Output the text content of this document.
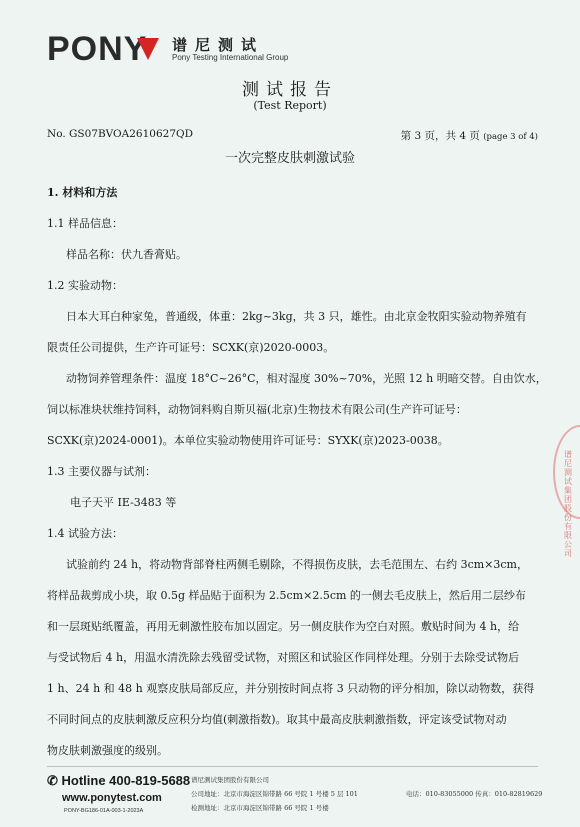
PONY 谱尼测试
Pony Testing International Group
测试报告
(Test Report)
No. GS07BVOA2610627QD	第 3 页，共 4 页 (page 3 of 4)
一次完整皮肤刺激试验
1. 材料和方法
1.1 样品信息：
样品名称：伏九香膏贴。
1.2 实验动物：
日本大耳白种家兔，普通级，体重：2kg~3kg，共 3 只，雄性。由北京金牧阳实验动物养殖有
限责任公司提供，生产许可证号：SCXK(京)2020-0003。
动物饲养管理条件：温度 18°C~26°C，相对湿度 30%~70%，光照 12 h 明暗交替。自由饮水，
饲以标准块状维持饲料，动物饲料购自斯贝福(北京)生物技术有限公司(生产许可证号：
SCXK(京)2024-0001)。本单位实验动物使用许可证号：SYXK(京)2023-0038。
1.3 主要仪器与试剂：
电子天平 IE-3483 等
1.4 试验方法：
试验前约 24 h，将动物背部脊柱两侧毛剔除，不得损伤皮肤，去毛范围左、右约 3cm×3cm，
将样品裁剪成小块，取 0.5g 样品贴于面积为 2.5cm×2.5cm 的一侧去毛皮肤上，然后用二层纱布
和一层斑贴纸覆盖，再用无刺激性胶布加以固定。另一侧皮肤作为空白对照。敷贴时间为 4 h，给
与受试物后 4 h，用温水清洗除去残留受试物，对照区和试验区作同样处理。分别于去除受试物后
1 h、24 h 和 48 h 观察皮肤局部反应，并分别按时间点将 3 只动物的评分相加，除以动物数，获得
不同时间点的皮肤刺激反应积分均值(刺激指数)。取其中最高皮肤刺激指数，评定该受试物对动
物皮肤刺激强度的级别。
谱尼测试集团股份有限公司
✆ Hotline 400-819-5688
www.ponytest.com
PONY-BG186-01A-003-1-2023A
谱尼测试集团股份有限公司
公司地址：北京市海淀区锦带路 66 号院 1 号楼 5 层 101
检测地址：北京市海淀区锦带路 66 号院 1 号楼
电话：010-83055000 传真：010-82819629
